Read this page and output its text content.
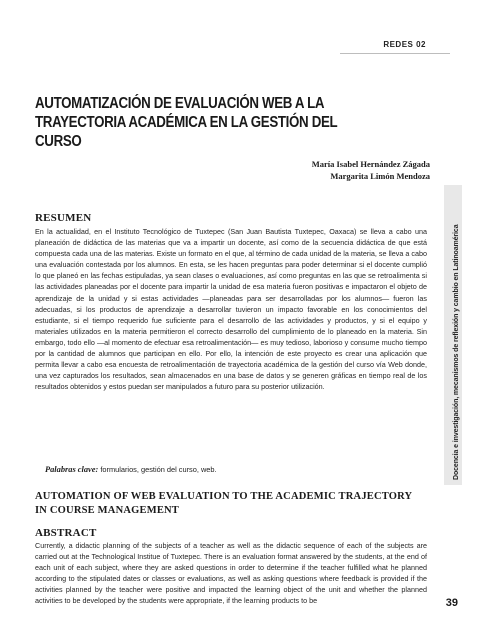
REDES 02
AUTOMATIZACIÓN DE EVALUACIÓN WEB A LA TRAYECTORIA ACADÉMICA EN LA GESTIÓN DEL CURSO
María Isabel Hernández Zágada
Margarita Limón Mendoza
RESUMEN
En la actualidad, en el Instituto Tecnológico de Tuxtepec (San Juan Bautista Tuxtepec, Oaxaca) se lleva a cabo una planeación de didáctica de las materias que va a impartir un docente, así como de la secuencia didáctica de que está compuesta cada una de las materias. Existe un formato en el que, al término de cada unidad de la materia, se lleva a cabo una evaluación contestada por los alumnos. En esta, se les hacen preguntas para poder determinar si el docente cumplió lo que planeó en las fechas estipuladas, ya sean clases o evaluaciones, así como preguntas en las que se retroalimenta si las actividades planeadas por el docente para impartir la unidad de esa materia fueron positivas e impactaron el objeto de aprendizaje de la unidad y si estas actividades —planeadas para ser desarrolladas por los alumnos— fueron las adecuadas, si los productos de aprendizaje a desarrollar tuvieron un impacto favorable en los conocimientos del estudiante, si el tiempo requerido fue suficiente para el desarrollo de las actividades y productos, y si el equipo y materiales utilizados en la materia permitieron el correcto desarrollo del cumplimiento de lo planeado en la materia. Sin embargo, todo ello —al momento de efectuar esa retroalimentación— es muy tedioso, laborioso y consume mucho tiempo por la cantidad de alumnos que participan en ello. Por ello, la intención de este proyecto es crear una aplicación que permita llevar a cabo esa encuesta de retroalimentación de trayectoria académica de la gestión del curso vía Web donde, una vez capturados los resultados, sean almacenados en una base de datos y se generen gráficas en tiempo real de los resultados obtenidos y estos puedan ser manipulados a futuro para su posterior utilización.
Palabras clave: formularios, gestión del curso, web.
AUTOMATION OF WEB EVALUATION TO THE ACADEMIC TRAJECTORY IN COURSE MANAGEMENT
ABSTRACT
Currently, a didactic planning of the subjects of a teacher as well as the didactic sequence of each of the subjects are carried out at the Technological Institue of Tuxtepec. There is an evaluation format answered by the students, at the end of each unit of each subject, where they are asked questions in order to determine if the teacher fulfilled what he planned according to the stipulated dates or classes or evaluations, as well as asking questions where feedback is provided if the activities planned by the teacher were positive and impacted the learning object of the unit and whether the planned activities to be developed by the students were appropriate, if the learning products to be
Docencia e investigación, mecanismos de reflexión y cambio en Latinoamérica
39
